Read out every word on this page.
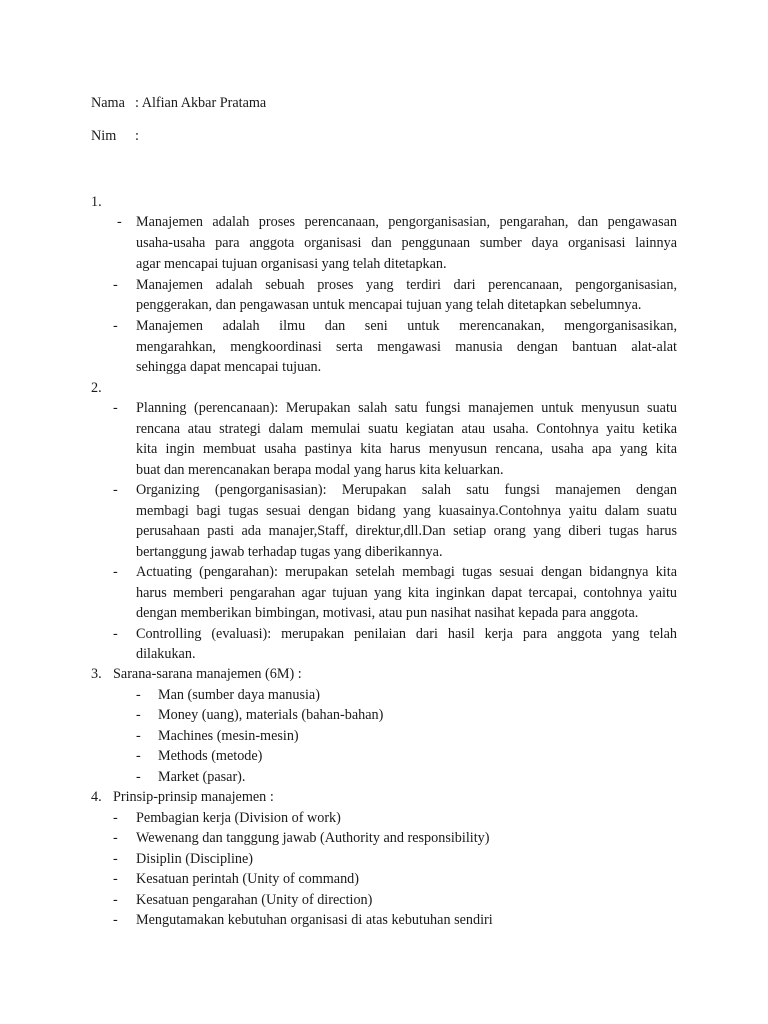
Nama : Alfian Akbar Pratama
Nim :
1.
- Manajemen adalah proses perencanaan, pengorganisasian, pengarahan, dan pengawasan
usaha-usaha para anggota organisasi dan penggunaan sumber daya organisasi lainnya
agar mencapai tujuan organisasi yang telah ditetapkan.
- Manajemen adalah sebuah proses yang terdiri dari perencanaan, pengorganisasian,
penggerakan, dan pengawasan untuk mencapai tujuan yang telah ditetapkan sebelumnya.
- Manajemen adalah ilmu dan seni untuk merencanakan, mengorganisasikan,
mengarahkan, mengkoordinasi serta mengawasi manusia dengan bantuan alat-alat
sehingga dapat mencapai tujuan.
2.
- Planning (perencanaan): Merupakan salah satu fungsi manajemen untuk menyusun suatu
rencana atau strategi dalam memulai suatu kegiatan atau usaha. Contohnya yaitu ketika
kita ingin membuat usaha pastinya kita harus menyusun rencana, usaha apa yang kita
buat dan merencanakan berapa modal yang harus kita keluarkan.
- Organizing (pengorganisasian): Merupakan salah satu fungsi manajemen dengan
membagi bagi tugas sesuai dengan bidang yang kuasainya.Contohnya yaitu dalam suatu
perusahaan pasti ada manajer,Staff, direktur,dll.Dan setiap orang yang diberi tugas harus
bertanggung jawab terhadap tugas yang diberikannya.
- Actuating (pengarahan): merupakan setelah membagi tugas sesuai dengan bidangnya kita
harus memberi pengarahan agar tujuan yang kita inginkan dapat tercapai, contohnya yaitu
dengan memberikan bimbingan, motivasi, atau pun nasihat nasihat kepada para anggota.
- Controlling (evaluasi): merupakan penilaian dari hasil kerja para anggota yang telah
dilakukan.
3. Sarana-sarana manajemen (6M) :
- Man (sumber daya manusia)
- Money (uang), materials (bahan-bahan)
- Machines (mesin-mesin)
- Methods (metode)
- Market (pasar).
4. Prinsip-prinsip manajemen :
- Pembagian kerja (Division of work)
- Wewenang dan tanggung jawab (Authority and responsibility)
- Disiplin (Discipline)
- Kesatuan perintah (Unity of command)
- Kesatuan pengarahan (Unity of direction)
- Mengutamakan kebutuhan organisasi di atas kebutuhan sendiri
